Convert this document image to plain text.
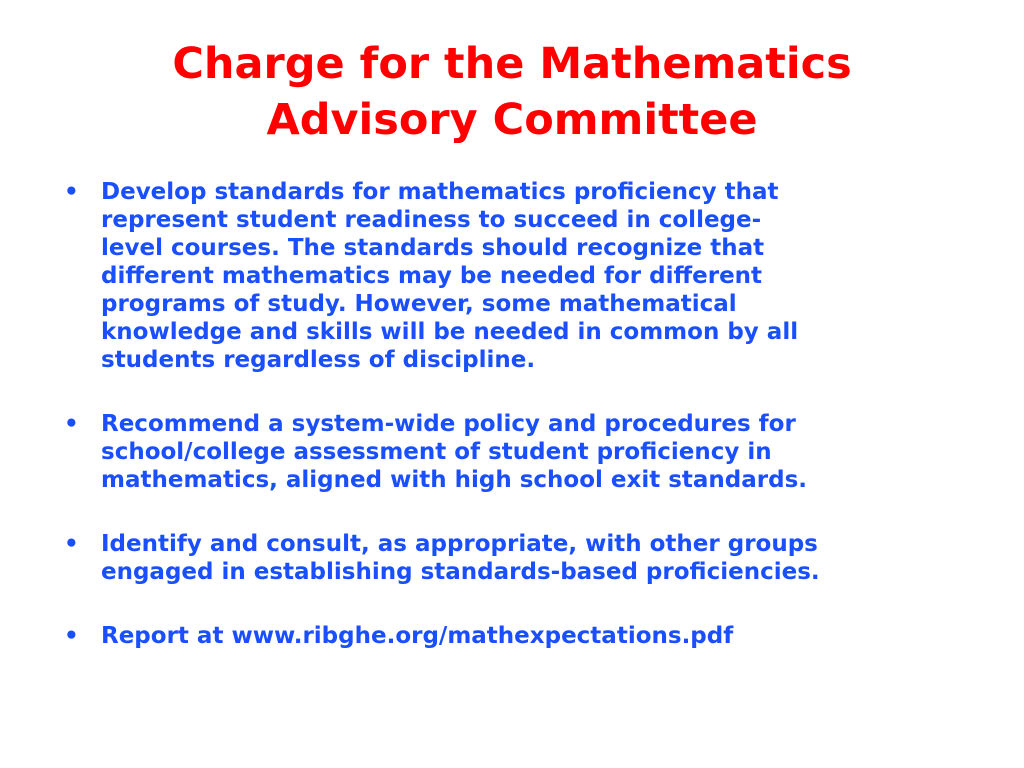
Charge for the Mathematics
Advisory Committee
• Develop standards for mathematics proficiency that
represent student readiness to succeed in college-
level courses. The standards should recognize that
different mathematics may be needed for different
programs of study. However, some mathematical
knowledge and skills will be needed in common by all
students regardless of discipline.
• Recommend a system-wide policy and procedures for
school/college assessment of student proficiency in
mathematics, aligned with high school exit standards.
• Identify and consult, as appropriate, with other groups
engaged in establishing standards-based proficiencies.
• Report at www.ribghe.org/mathexpectations.pdf
